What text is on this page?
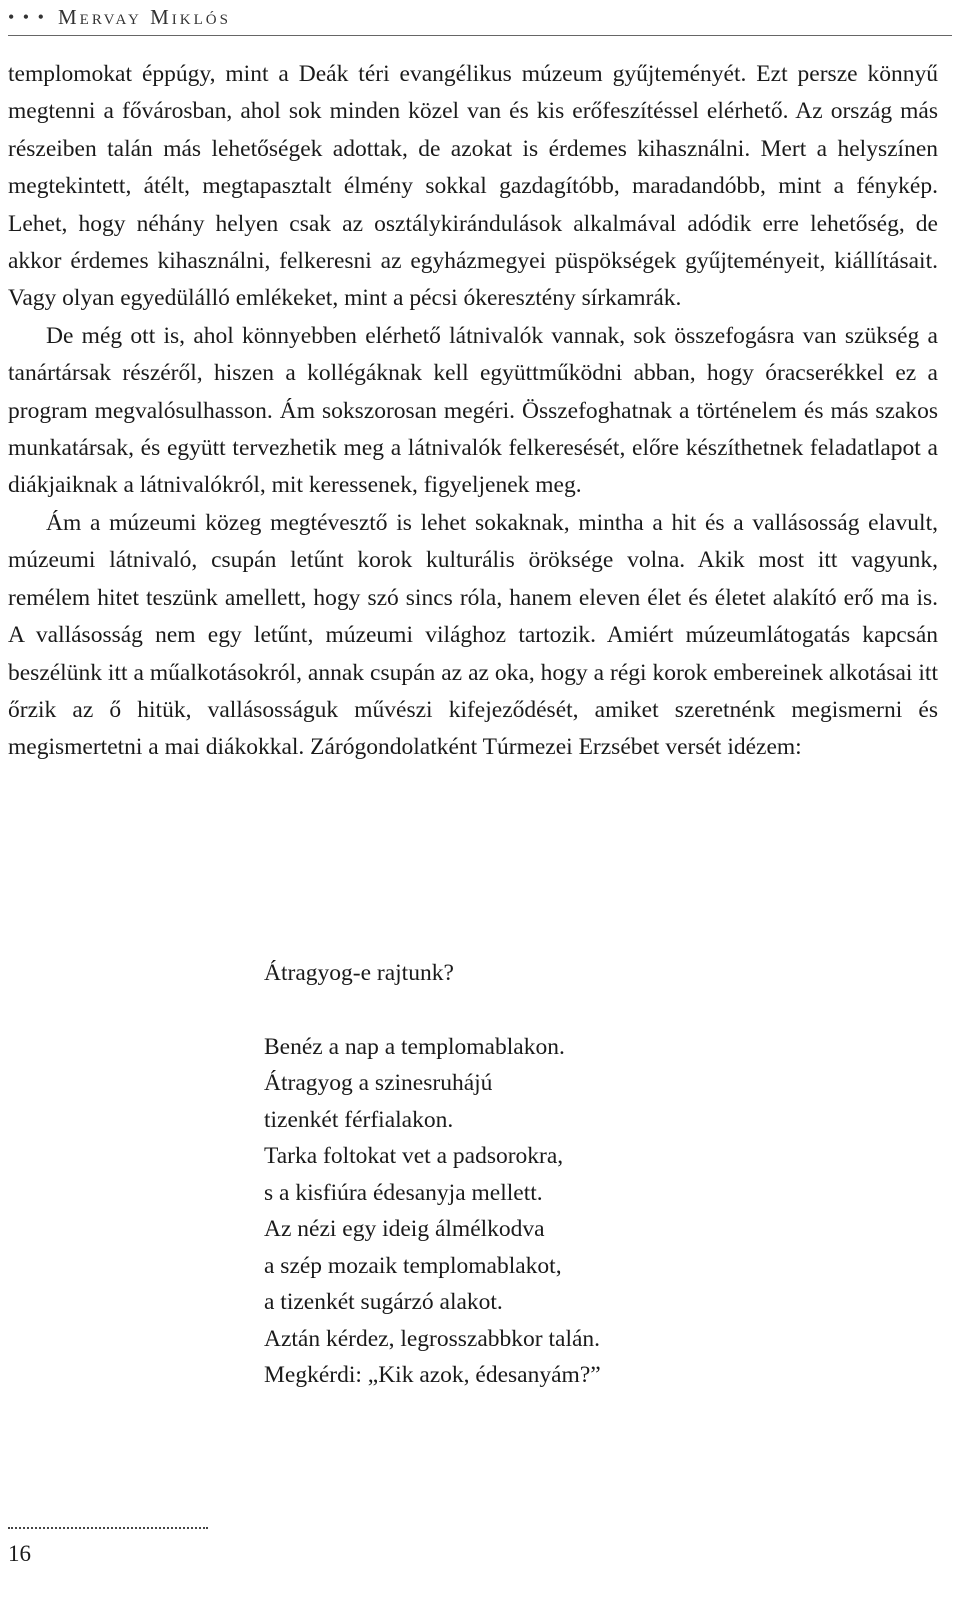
• • • Mervay Miklós

templomokat éppúgy, mint a Deák téri evangélikus múzeum gyűjteményét. Ezt persze könnyű megtenni a fővárosban, ahol sok minden közel van és kis erőfeszítéssel elérhető. Az ország más részeiben talán más lehetőségek adottak, de azokat is érdemes kihasználni. Mert a helyszínen megtekintett, átélt, megtapasztalt élmény sokkal gazdagítóbb, maradandóbb, mint a fénykép. Lehet, hogy néhány helyen csak az osztálykirándulások alkalmával adódik erre lehetőség, de akkor érdemes kihasználni, felkeresni az egyházmegyei püspökségek gyűjteményeit, kiállításait. Vagy olyan egyedülálló emlékeket, mint a pécsi ókeresztény sírkamrák.

De még ott is, ahol könnyebben elérhető látnivalók vannak, sok összefogásra van szükség a tanártársak részéről, hiszen a kollégáknak kell együttműködni abban, hogy óracserékkel ez a program megvalósulhasson. Ám sokszorosan megéri. Összefoghatnak a történelem és más szakos munkatársak, és együtt tervezhetik meg a látnivalók felkeresését, előre készíthetnek feladatlapot a diákjaiknak a látnivalókról, mit keressenek, figyeljenek meg.

Ám a múzeumi közeg megtévesztő is lehet sokaknak, mintha a hit és a vallásosság elavult, múzeumi látnivaló, csupán letűnt korok kulturális öröksége volna. Akik most itt vagyunk, remélem hitet teszünk amellett, hogy szó sincs róla, hanem eleven élet és életet alakító erő ma is. A vallásosság nem egy letűnt, múzeumi világhoz tartozik. Amiért múzeumlátogatás kapcsán beszélünk itt a műalkotásokról, annak csupán az az oka, hogy a régi korok embereinek alkotásai itt őrzik az ő hitük, vallásosságuk művészi kifejeződését, amiket szeretnénk megismerni és megismertetni a mai diákokkal. Zárógondolatként Túrmezei Erzsébet versét idézem:

Átragyog-e rajtunk?

Benéz a nap a templomablakon.
Átragyog a szinesruhájú
tizenkét férfialakon.
Tarka foltokat vet a padsorokra,
s a kisfiúra édesanyja mellett.
Az nézi egy ideig álmélkodva
a szép mozaik templomablakot,
a tizenkét sugárzó alakot.
Aztán kérdez, legrosszabbkor talán.
Megkérdi: „Kik azok, édesanyám?”
16
